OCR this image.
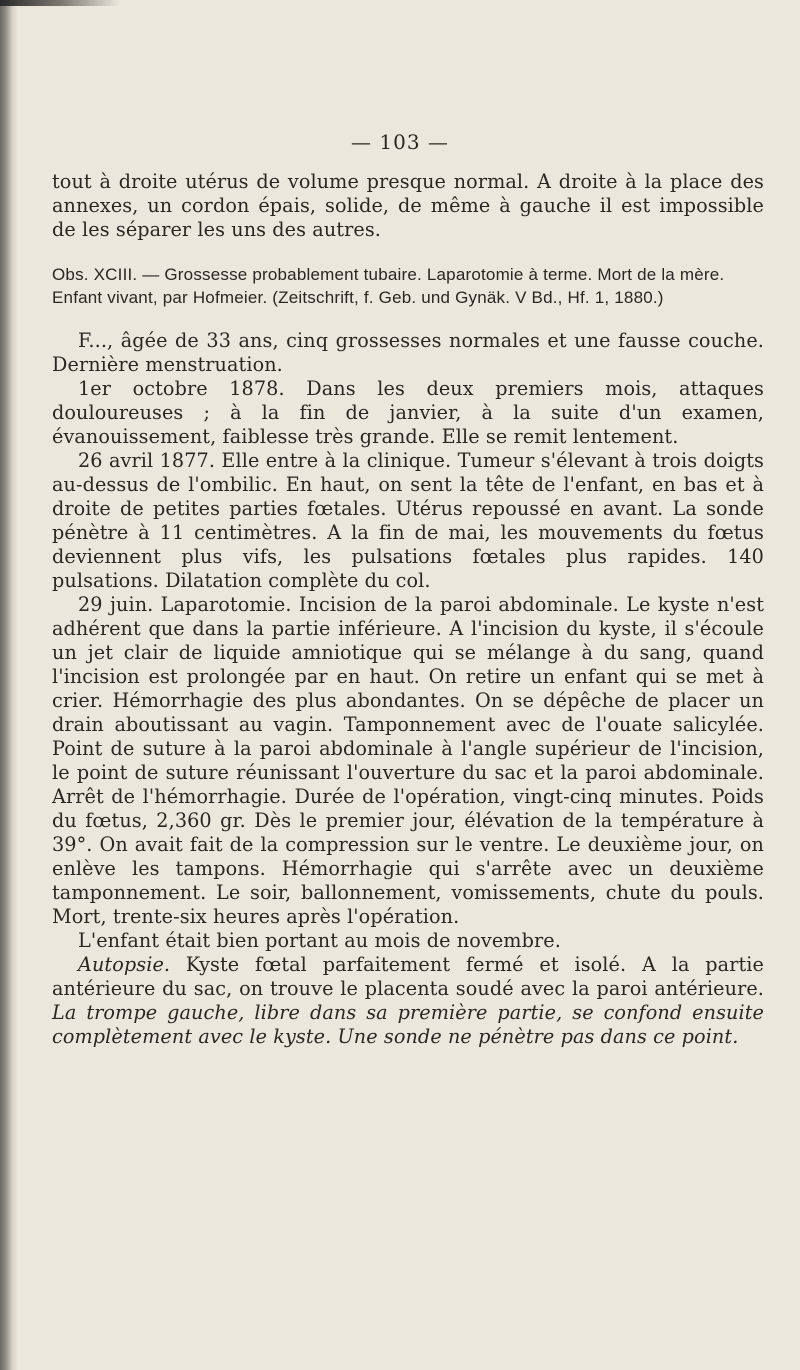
— 103 —

tout à droite utérus de volume presque normal. A droite à la place des annexes, un cordon épais, solide, de même à gauche il est impossible de les séparer les uns des autres.

Obs. XCIII. — Grossesse probablement tubaire. Laparotomie à terme. Mort de la mère. Enfant vivant, par Hofmeier. (Zeitschrift, f. Geb. und Gynäk. V Bd., Hf. 1, 1880.)

F..., âgée de 33 ans, cinq grossesses normales et une fausse couche. Dernière menstruation.

1er octobre 1878. Dans les deux premiers mois, attaques douloureuses ; à la fin de janvier, à la suite d'un examen, évanouissement, faiblesse très grande. Elle se remit lentement.

26 avril 1877. Elle entre à la clinique. Tumeur s'élevant à trois doigts au-dessus de l'ombilic. En haut, on sent la tête de l'enfant, en bas et à droite de petites parties fœtales. Utérus repoussé en avant. La sonde pénètre à 11 centimètres. A la fin de mai, les mouvements du fœtus deviennent plus vifs, les pulsations fœtales plus rapides. 140 pulsations. Dilatation complète du col.

29 juin. Laparotomie. Incision de la paroi abdominale. Le kyste n'est adhérent que dans la partie inférieure. A l'incision du kyste, il s'écoule un jet clair de liquide amniotique qui se mélange à du sang, quand l'incision est prolongée par en haut. On retire un enfant qui se met à crier. Hémorrhagie des plus abondantes. On se dépêche de placer un drain aboutissant au vagin. Tamponnement avec de l'ouate salicylée. Point de suture à la paroi abdominale à l'angle supérieur de l'incision, le point de suture réunissant l'ouverture du sac et la paroi abdominale. Arrêt de l'hémorrhagie. Durée de l'opération, vingt-cinq minutes. Poids du fœtus, 2,360 gr. Dès le premier jour, élévation de la température à 39°. On avait fait de la compression sur le ventre. Le deuxième jour, on enlève les tampons. Hémorrhagie qui s'arrête avec un deuxième tamponnement. Le soir, ballonnement, vomissements, chute du pouls. Mort, trente-six heures après l'opération.

L'enfant était bien portant au mois de novembre.

Autopsie. Kyste fœtal parfaitement fermé et isolé. A la partie antérieure du sac, on trouve le placenta soudé avec la paroi antérieure. La trompe gauche, libre dans sa première partie, se confond ensuite complètement avec le kyste. Une sonde ne pénètre pas dans ce point.
